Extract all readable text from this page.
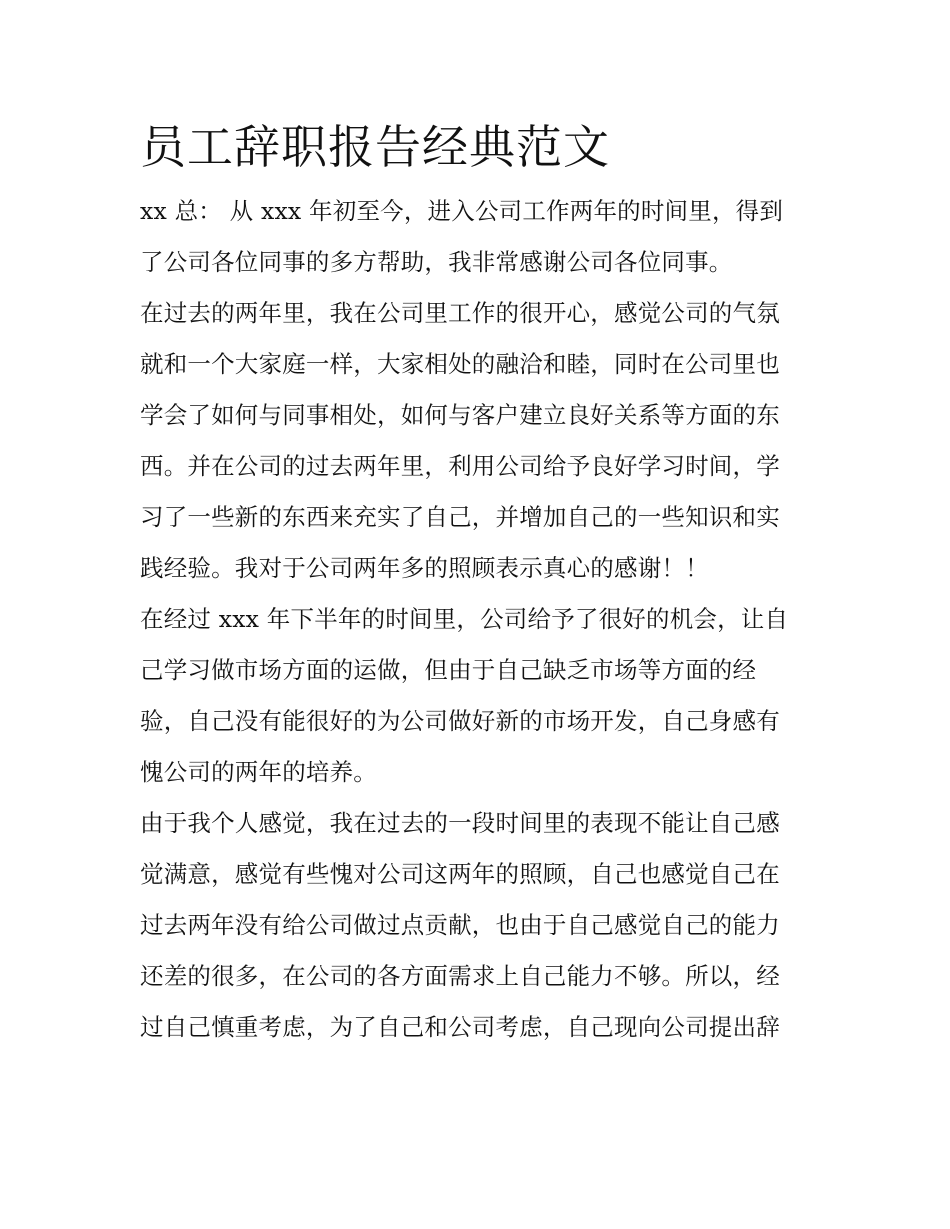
员工辞职报告经典范文
xx 总： 从 xxx 年初至今，进入公司工作两年的时间里，得到
了公司各位同事的多方帮助，我非常感谢公司各位同事。
在过去的两年里，我在公司里工作的很开心，感觉公司的气氛
就和一个大家庭一样，大家相处的融洽和睦，同时在公司里也
学会了如何与同事相处，如何与客户建立良好关系等方面的东
西。并在公司的过去两年里，利用公司给予良好学习时间，学
习了一些新的东西来充实了自己，并增加自己的一些知识和实
践经验。我对于公司两年多的照顾表示真心的感谢！！
在经过 xxx 年下半年的时间里，公司给予了很好的机会，让自
己学习做市场方面的运做，但由于自己缺乏市场等方面的经
验，自己没有能很好的为公司做好新的市场开发，自己身感有
愧公司的两年的培养。
由于我个人感觉，我在过去的一段时间里的表现不能让自己感
觉满意，感觉有些愧对公司这两年的照顾，自己也感觉自己在
过去两年没有给公司做过点贡献，也由于自己感觉自己的能力
还差的很多，在公司的各方面需求上自己能力不够。所以，经
过自己慎重考虑，为了自己和公司考虑，自己现向公司提出辞
